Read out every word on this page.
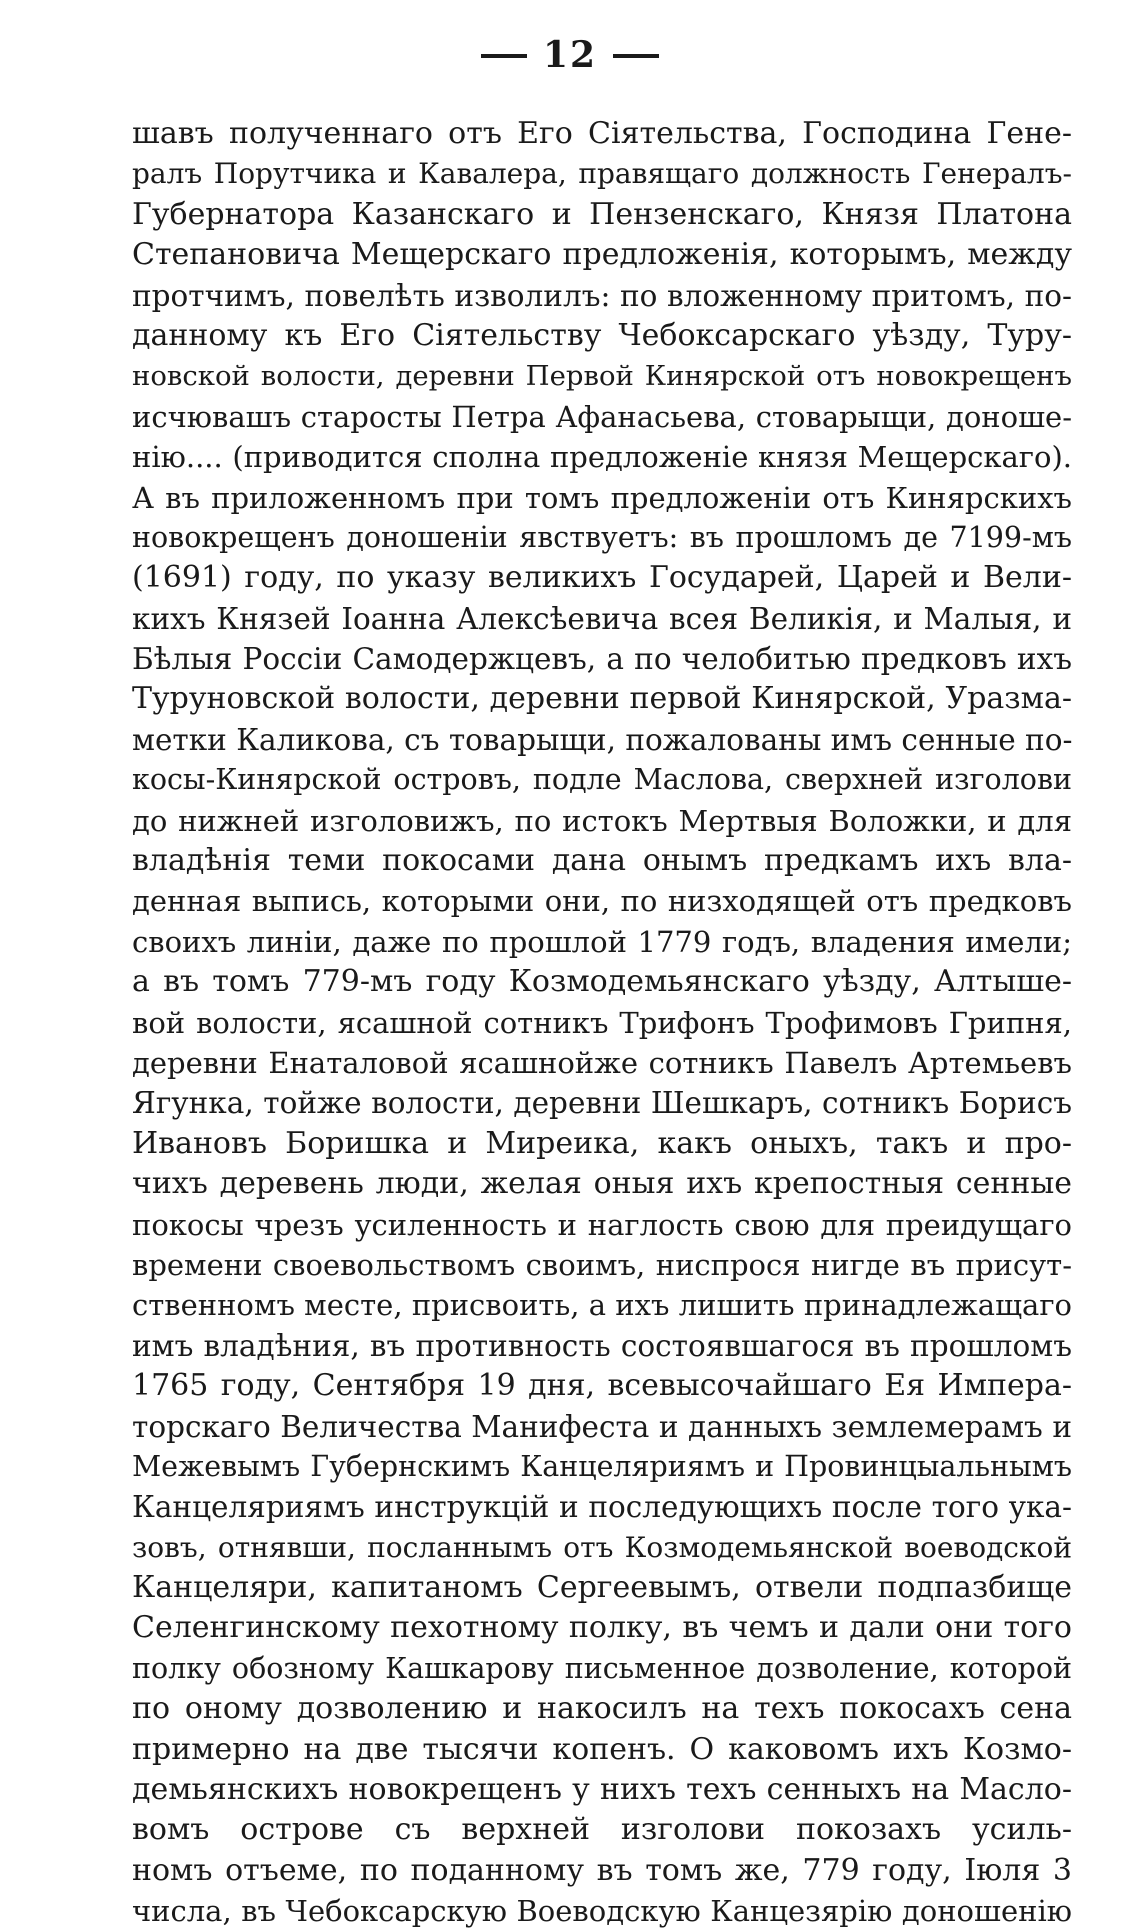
12
шавъ полученнаго отъ Его Сіятельства, Господина Гене-
ралъ Порутчика и Кавалера, правящаго должность Генералъ-
Губернатора Казанскаго и Пензенскаго, Князя Платона
Степановича Мещерскаго предложенія, которымъ, между
протчимъ, повелѣть изволилъ: по вложенному притомъ, по-
данному къ Его Сіятельству Чебоксарскаго уѣзду, Туру-
новской волости, деревни Первой Кинярской отъ новокрещенъ
исчювашъ старосты Петра Афанасьева, стоварыщи, доноше-
нію.... (приводится сполна предложеніе князя Мещерскаго).
А въ приложенномъ при томъ предложеніи отъ Кинярскихъ
новокрещенъ доношеніи явствуетъ: въ прошломъ де 7199-мъ
(1691) году, по указу великихъ Государей, Царей и Вели-
кихъ Князей Іоанна Алексѣевича всея Великія, и Малыя, и
Бѣлыя Россіи Самодержцевъ, а по челобитью предковъ ихъ
Туруновской волости, деревни первой Кинярской, Уразма-
метки Каликова, съ товарыщи, пожалованы имъ сенные по-
косы-Кинярской островъ, подле Маслова, сверхней изголови
до нижней изголовижъ, по истокъ Мертвыя Воложки, и для
владѣнія теми покосами дана онымъ предкамъ ихъ вла-
денная выпись, которыми они, по низходящей отъ предковъ
своихъ линіи, даже по прошлой 1779 годъ, владения имели;
а въ томъ 779-мъ году Козмодемьянскаго уѣзду, Алтыше-
вой волости, ясашной сотникъ Трифонъ Трофимовъ Грипня,
деревни Енаталовой ясашнойже сотникъ Павелъ Артемьевъ
Ягунка, тойже волости, деревни Шешкаръ, сотникъ Борисъ
Ивановъ Боришка и Миреика, какъ оныхъ, такъ и про-
чихъ деревень люди, желая оныя ихъ крепостныя сенные
покосы чрезъ усиленность и наглость свою для преидущаго
времени своевольствомъ своимъ, ниспрося нигде въ присут-
ственномъ месте, присвоить, а ихъ лишить принадлежащаго
имъ владѣния, въ противность состоявшагося въ прошломъ
1765 году, Сентября 19 дня, всевысочайшаго Ея Импера-
торскаго Величества Манифеста и данныхъ землемерамъ и
Межевымъ Губернскимъ Канцеляриямъ и Провинцыальнымъ
Канцеляриямъ инструкцій и последующихъ после того ука-
зовъ, отнявши, посланнымъ отъ Козмодемьянской воеводской
Канцеляри, капитаномъ Сергеевымъ, отвели подпазбище
Селенгинскому пехотному полку, въ чемъ и дали они того
полку обозному Кашкарову письменное дозволение, которой
по оному дозволению и накосилъ на техъ покосахъ сена
примерно на две тысячи копенъ. О каковомъ ихъ Козмо-
демьянскихъ новокрещенъ у нихъ техъ сенныхъ на Масло-
вомъ острове съ верхней изголови покозахъ усиль-
номъ отъеме, по поданному въ томъ же, 779 году, Іюля 3
числа, въ Чебоксарскую Воеводскую Канцезярію доношенію
